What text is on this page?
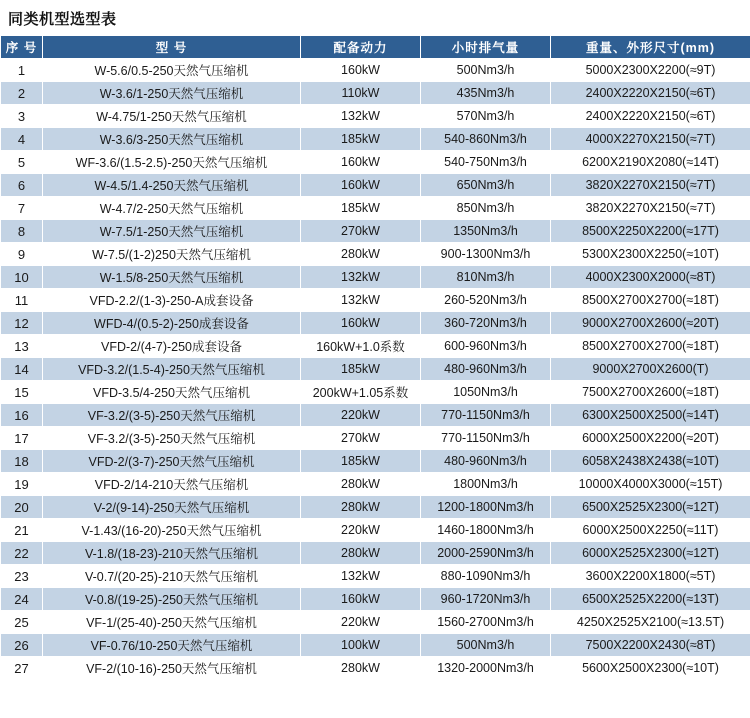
同类机型选型表
序 号	型 号	配备动力	小时排气量	重量、外形尺寸(mm)
1	W-5.6/0.5-250天然气压缩机	160kW	500Nm3/h	5000X2300X2200(≈9T)
2	W-3.6/1-250天然气压缩机	110kW	435Nm3/h	2400X2220X2150(≈6T)
3	W-4.75/1-250天然气压缩机	132kW	570Nm3/h	2400X2220X2150(≈6T)
4	W-3.6/3-250天然气压缩机	185kW	540-860Nm3/h	4000X2270X2150(≈7T)
5	WF-3.6/(1.5-2.5)-250天然气压缩机	160kW	540-750Nm3/h	6200X2190X2080(≈14T)
6	W-4.5/1.4-250天然气压缩机	160kW	650Nm3/h	3820X2270X2150(≈7T)
7	W-4.7/2-250天然气压缩机	185kW	850Nm3/h	3820X2270X2150(≈7T)
8	W-7.5/1-250天然气压缩机	270kW	1350Nm3/h	8500X2250X2200(≈17T)
9	W-7.5/(1-2)250天然气压缩机	280kW	900-1300Nm3/h	5300X2300X2250(≈10T)
10	W-1.5/8-250天然气压缩机	132kW	810Nm3/h	4000X2300X2000(≈8T)
11	VFD-2.2/(1-3)-250-A成套设备	132kW	260-520Nm3/h	8500X2700X2700(≈18T)
12	WFD-4/(0.5-2)-250成套设备	160kW	360-720Nm3/h	9000X2700X2600(≈20T)
13	VFD-2/(4-7)-250成套设备	160kW+1.0系数	600-960Nm3/h	8500X2700X2700(≈18T)
14	VFD-3.2/(1.5-4)-250天然气压缩机	185kW	480-960Nm3/h	9000X2700X2600(T)
15	VFD-3.5/4-250天然气压缩机	200kW+1.05系数	1050Nm3/h	7500X2700X2600(≈18T)
16	VF-3.2/(3-5)-250天然气压缩机	220kW	770-1150Nm3/h	6300X2500X2500(≈14T)
17	VF-3.2/(3-5)-250天然气压缩机	270kW	770-1150Nm3/h	6000X2500X2200(≈20T)
18	VFD-2/(3-7)-250天然气压缩机	185kW	480-960Nm3/h	6058X2438X2438(≈10T)
19	VFD-2/14-210天然气压缩机	280kW	1800Nm3/h	10000X4000X3000(≈15T)
20	V-2/(9-14)-250天然气压缩机	280kW	1200-1800Nm3/h	6500X2525X2300(≈12T)
21	V-1.43/(16-20)-250天然气压缩机	220kW	1460-1800Nm3/h	6000X2500X2250(≈11T)
22	V-1.8/(18-23)-210天然气压缩机	280kW	2000-2590Nm3/h	6000X2525X2300(≈12T)
23	V-0.7/(20-25)-210天然气压缩机	132kW	880-1090Nm3/h	3600X2200X1800(≈5T)
24	V-0.8/(19-25)-250天然气压缩机	160kW	960-1720Nm3/h	6500X2525X2200(≈13T)
25	VF-1/(25-40)-250天然气压缩机	220kW	1560-2700Nm3/h	4250X2525X2100(≈13.5T)
26	VF-0.76/10-250天然气压缩机	100kW	500Nm3/h	7500X2200X2430(≈8T)
27	VF-2/(10-16)-250天然气压缩机	280kW	1320-2000Nm3/h	5600X2500X2300(≈10T)
